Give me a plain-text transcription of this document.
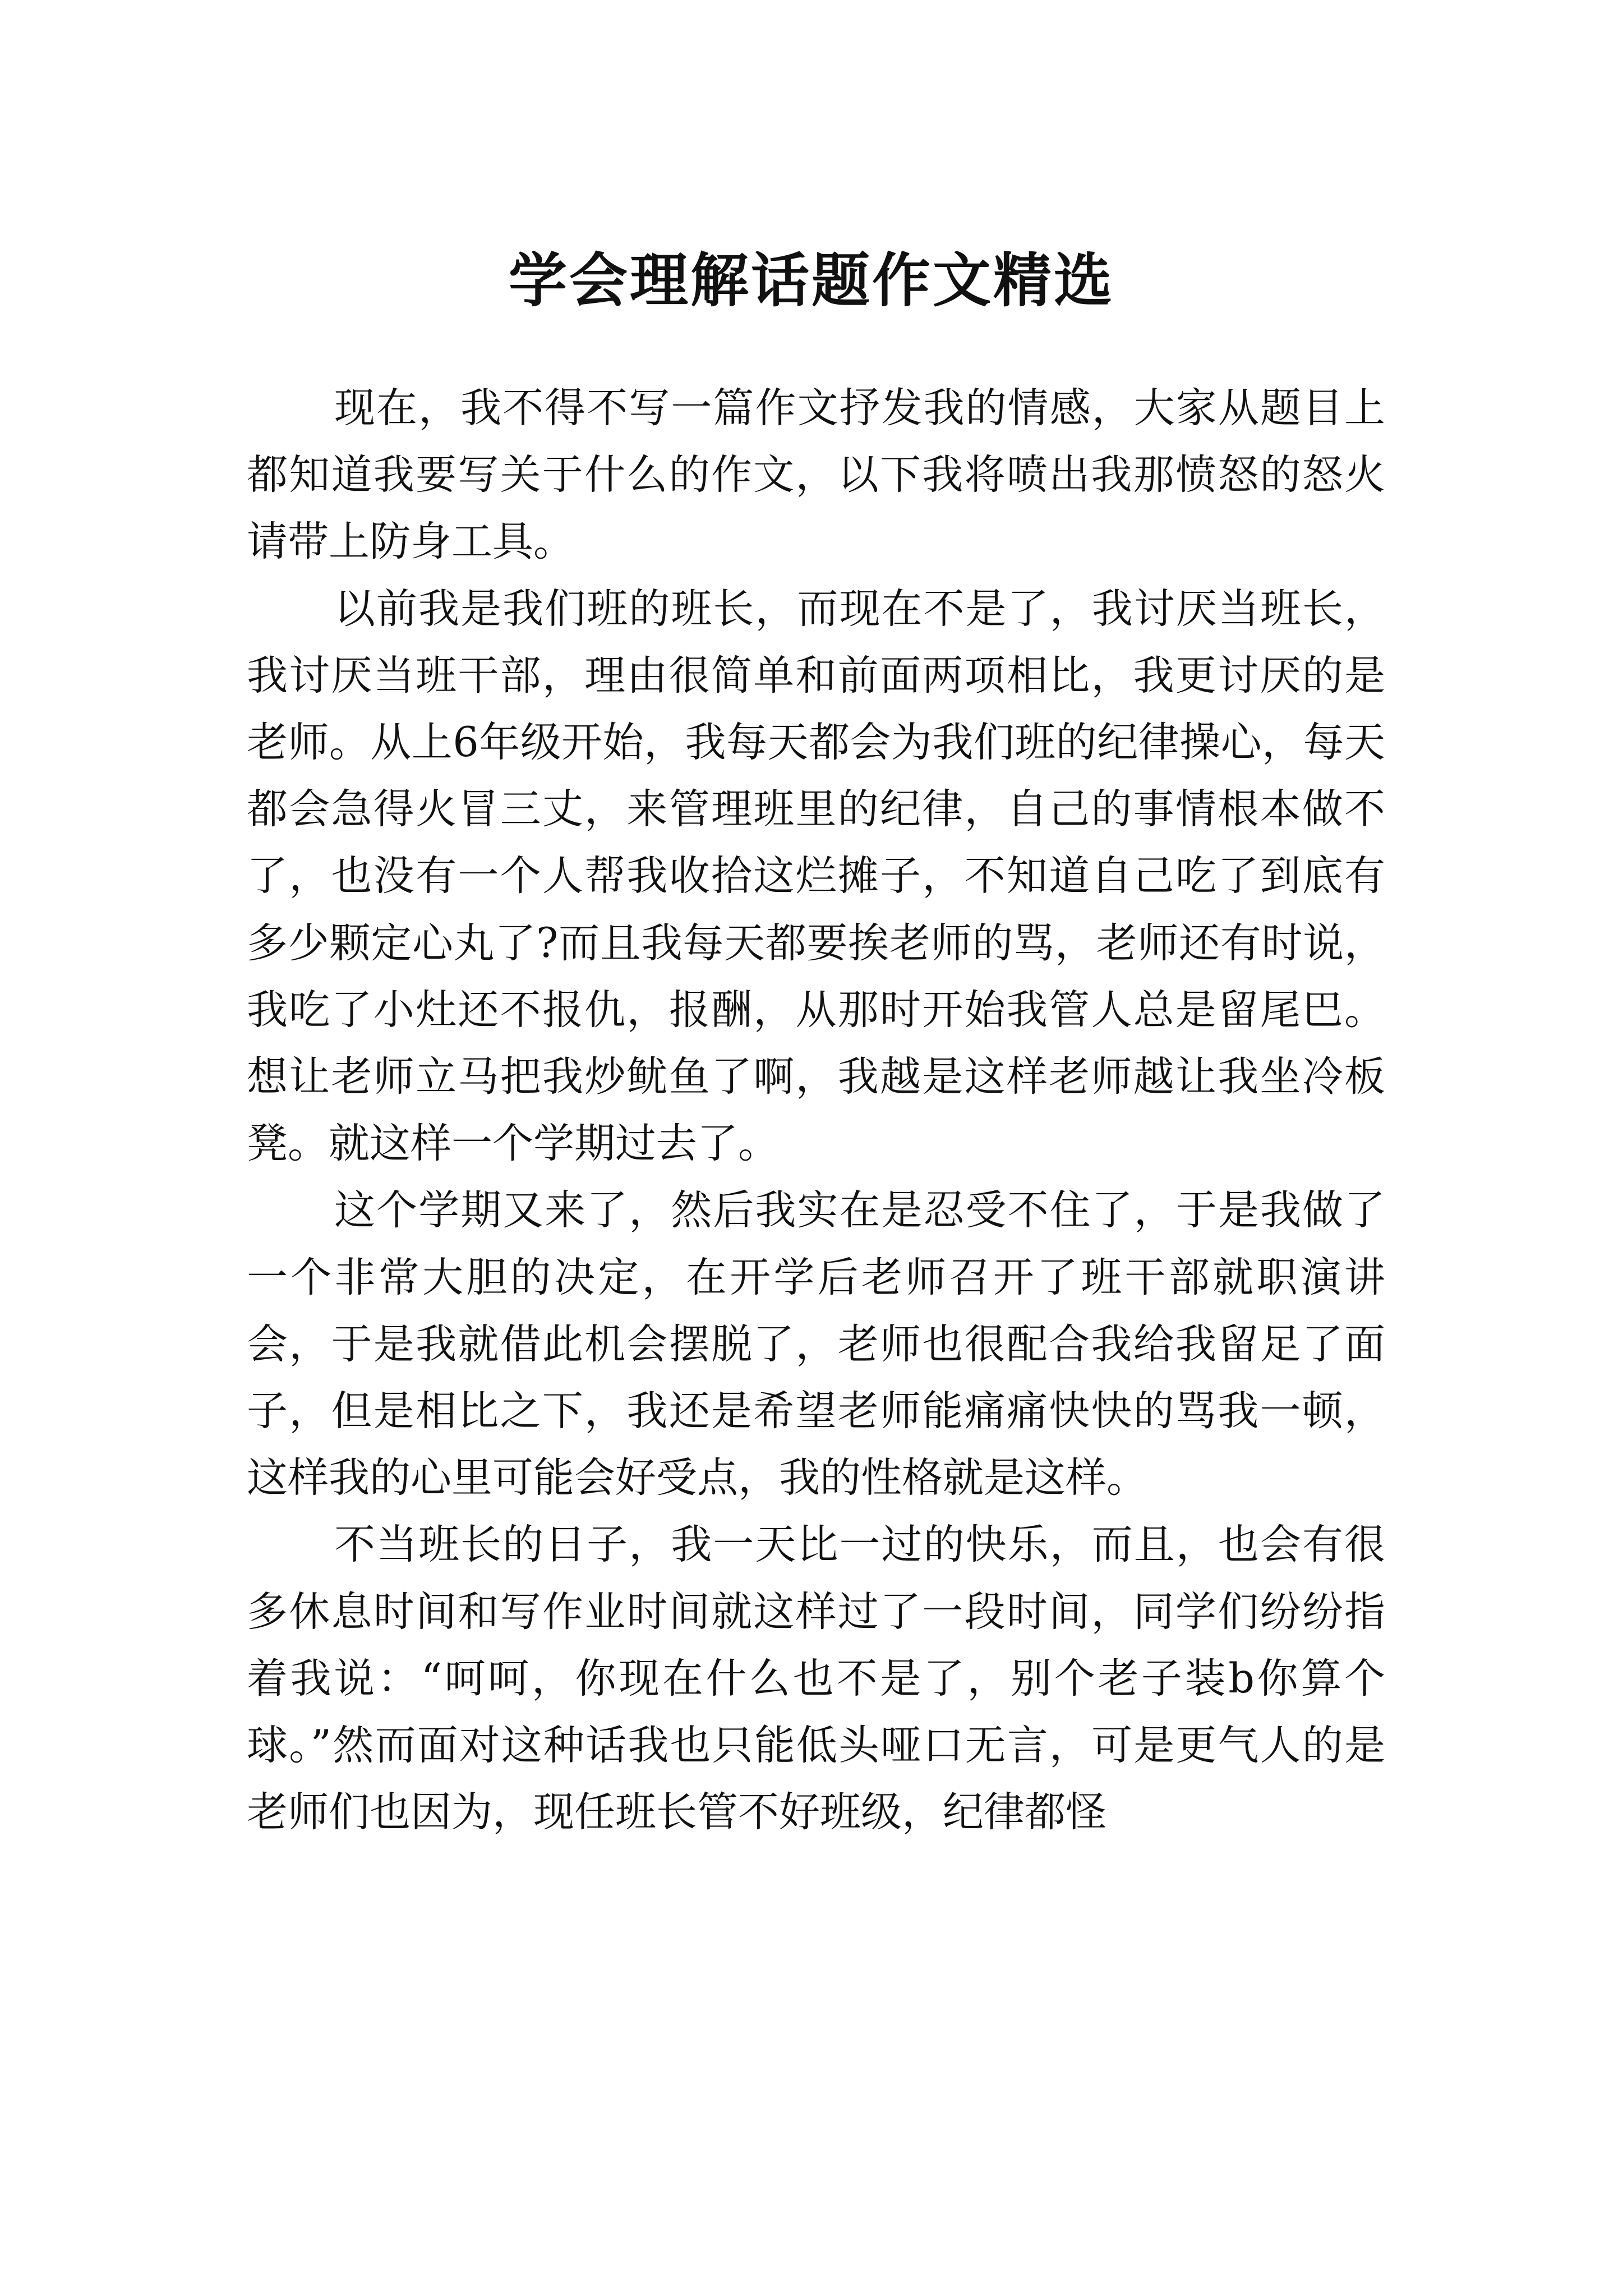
学会理解话题作文精选

现在，我不得不写一篇作文抒发我的情感，大家从题目上都知道我要写关于什么的作文，以下我将喷出我那愤怒的怒火请带上防身工具。

以前我是我们班的班长，而现在不是了，我讨厌当班长，我讨厌当班干部，理由很简单和前面两项相比，我更讨厌的是老师。从上6年级开始，我每天都会为我们班的纪律操心，每天都会急得火冒三丈，来管理班里的纪律，自己的事情根本做不了，也没有一个人帮我收拾这烂摊子，不知道自己吃了到底有多少颗定心丸了?而且我每天都要挨老师的骂，老师还有时说，我吃了小灶还不报仇，报酬，从那时开始我管人总是留尾巴。想让老师立马把我炒鱿鱼了啊，我越是这样老师越让我坐冷板凳。就这样一个学期过去了。

这个学期又来了，然后我实在是忍受不住了，于是我做了一个非常大胆的决定，在开学后老师召开了班干部就职演讲会，于是我就借此机会摆脱了，老师也很配合我给我留足了面子，但是相比之下，我还是希望老师能痛痛快快的骂我一顿，这样我的心里可能会好受点，我的性格就是这样。

不当班长的日子，我一天比一过的快乐，而且，也会有很多休息时间和写作业时间就这样过了一段时间，同学们纷纷指着我说：“呵呵，你现在什么也不是了，别个老子装b你算个球。”然而面对这种话我也只能低头哑口无言，可是更气人的是老师们也因为，现任班长管不好班级，纪律都怪
